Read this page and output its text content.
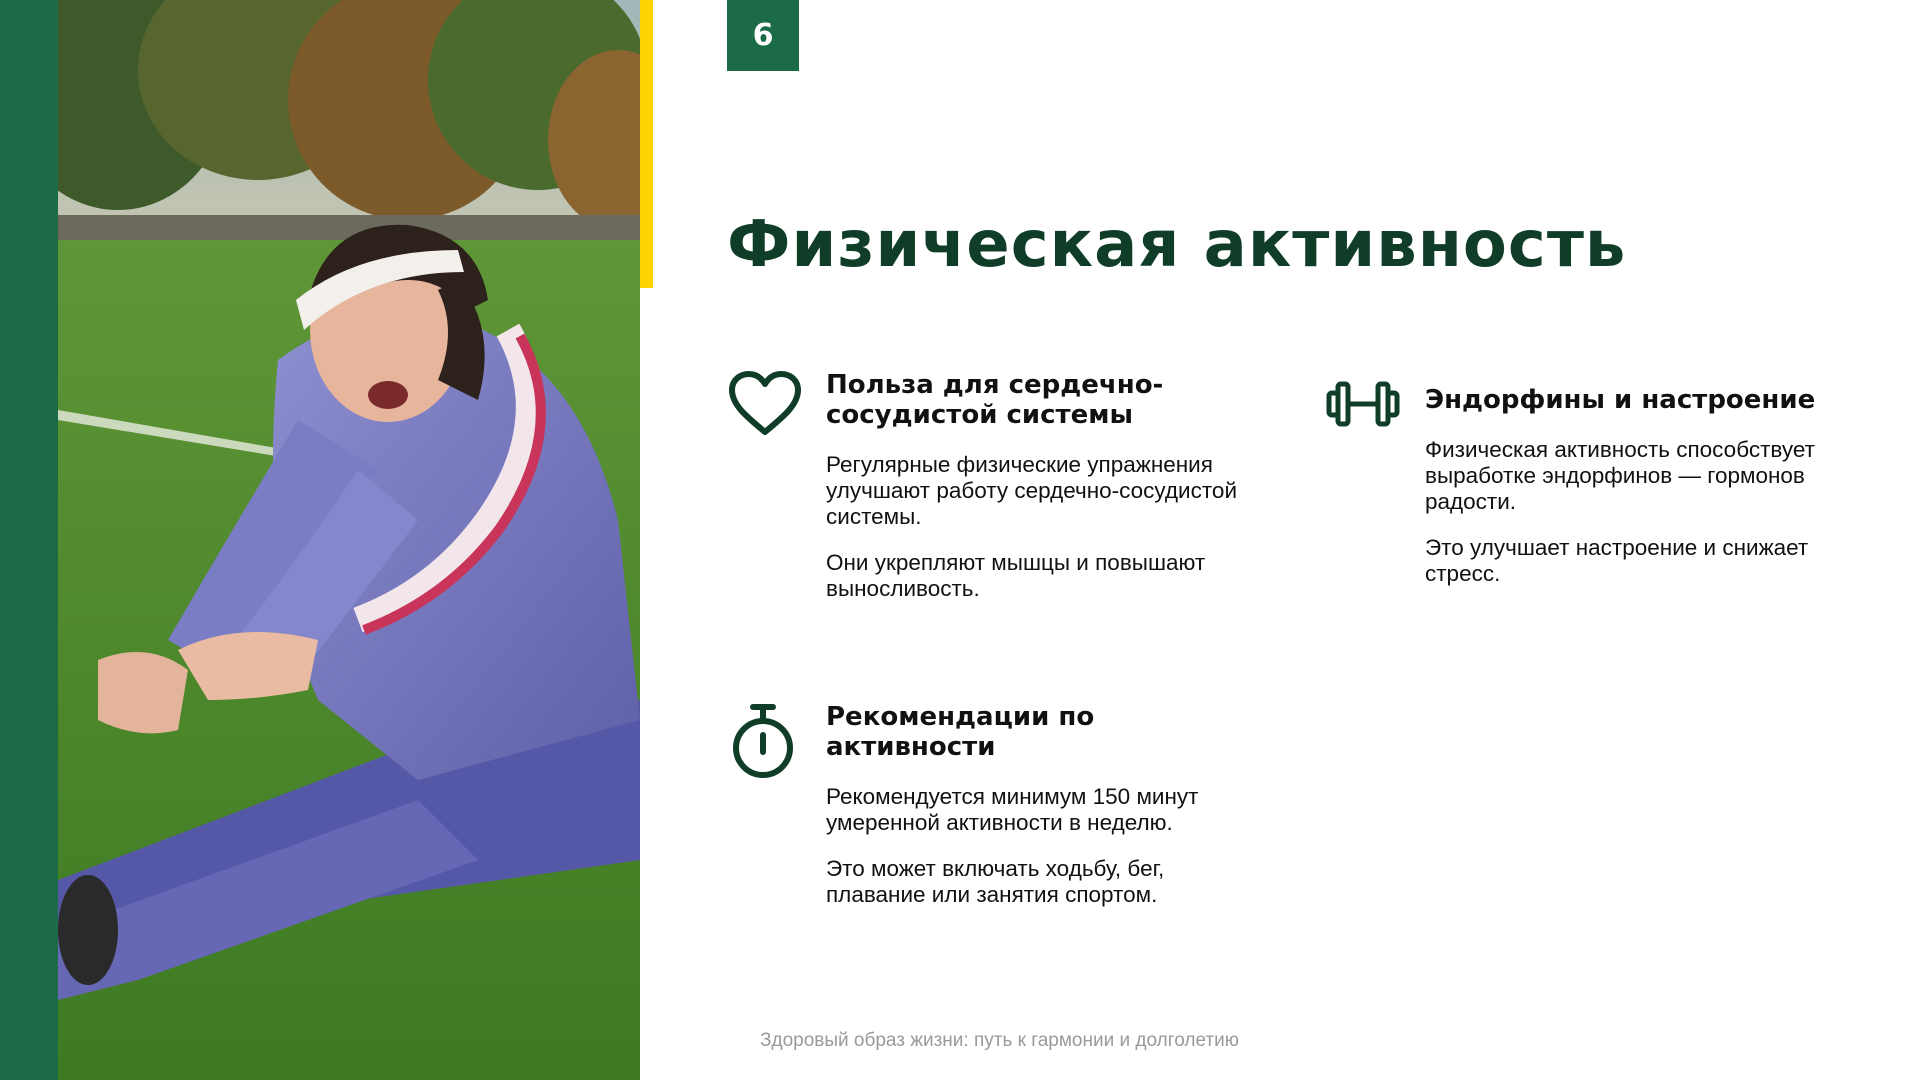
6
Физическая активность
Польза для сердечно-сосудистой системы

Регулярные физические упражнения улучшают работу сердечно-сосудистой системы.

Они укрепляют мышцы и повышают выносливость.

Эндорфины и настроение

Физическая активность способствует выработке эндорфинов — гормонов радости.

Это улучшает настроение и снижает стресс.

Рекомендации по активности

Рекомендуется минимум 150 минут умеренной активности в неделю.

Это может включать ходьбу, бег, плавание или занятия спортом.

Здоровый образ жизни: путь к гармонии и долголетию
